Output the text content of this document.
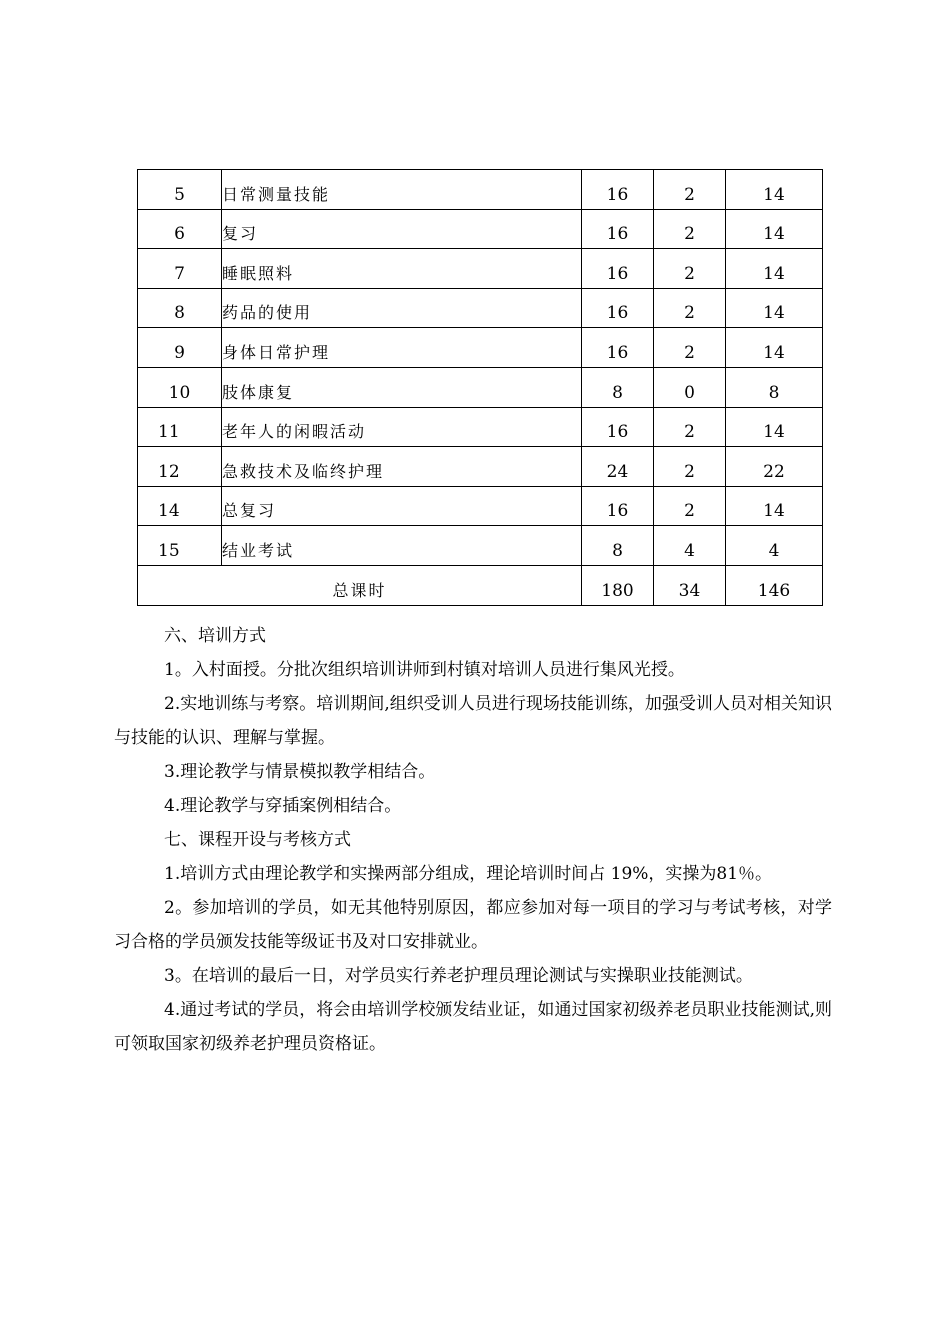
5	日常测量技能	16	2	14
6	复习	16	2	14
7	睡眠照料	16	2	14
8	药品的使用	16	2	14
9	身体日常护理	16	2	14
10	肢体康复	8	0	8
11	老年人的闲暇活动	16	2	14
12	急救技术及临终护理	24	2	22
14	总复习	16	2	14
15	结业考试	8	4	4
总课时		180	34	146

六、培训方式

1。入村面授。分批次组织培训讲师到村镇对培训人员进行集风光授。

2.实地训练与考察。培训期间,组织受训人员进行现场技能训练，加强受训人员对相关知识与技能的认识、理解与掌握。

3.理论教学与情景模拟教学相结合。

4.理论教学与穿插案例相结合。

七、课程开设与考核方式

1.培训方式由理论教学和实操两部分组成，理论培训时间占 19%，实操为81％。

2。参加培训的学员，如无其他特别原因，都应参加对每一项目的学习与考试考核，对学习合格的学员颁发技能等级证书及对口安排就业。

3。在培训的最后一日，对学员实行养老护理员理论测试与实操职业技能测试。

4.通过考试的学员，将会由培训学校颁发结业证，如通过国家初级养老员职业技能测试,则可领取国家初级养老护理员资格证。
